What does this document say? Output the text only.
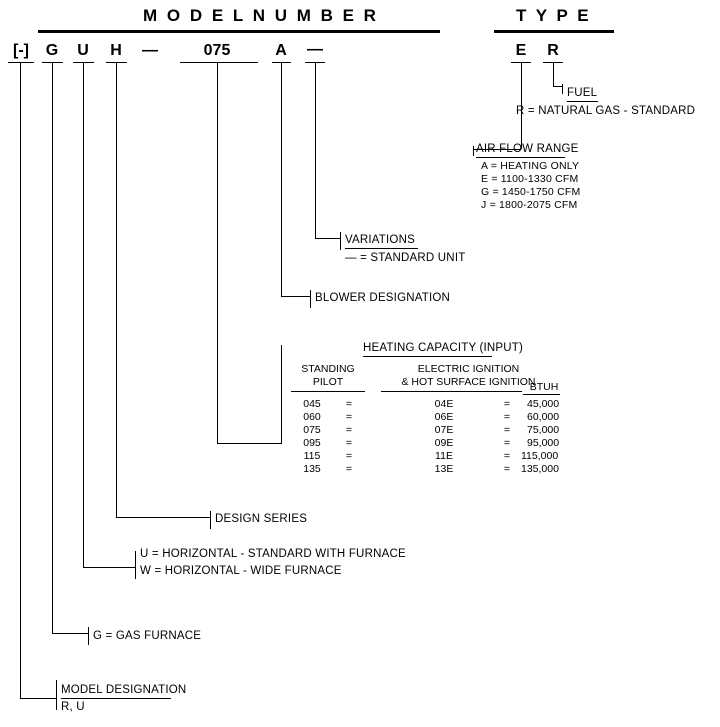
M O D E L N U M B E R	T Y P E
[-]	G	U	H	—	075	A	—	E	R
FUEL
R = NATURAL GAS - STANDARD
AIR FLOW RANGE
A = HEATING ONLY
E = 1100-1330 CFM
G = 1450-1750 CFM
J = 1800-2075 CFM
VARIATIONS
— = STANDARD UNIT
BLOWER DESIGNATION
HEATING CAPACITY (INPUT)
STANDING
PILOT
ELECTRIC IGNITION
& HOT SURFACE IGNITION
BTUH
045	=	04E	=	45,000
060	=	06E	=	60,000
075	=	07E	=	75,000
095	=	09E	=	95,000
115	=	11E	=	115,000
135	=	13E	=	135,000
DESIGN SERIES
U = HORIZONTAL - STANDARD WITH FURNACE
W = HORIZONTAL - WIDE FURNACE
G = GAS FURNACE
MODEL DESIGNATION
R, U
